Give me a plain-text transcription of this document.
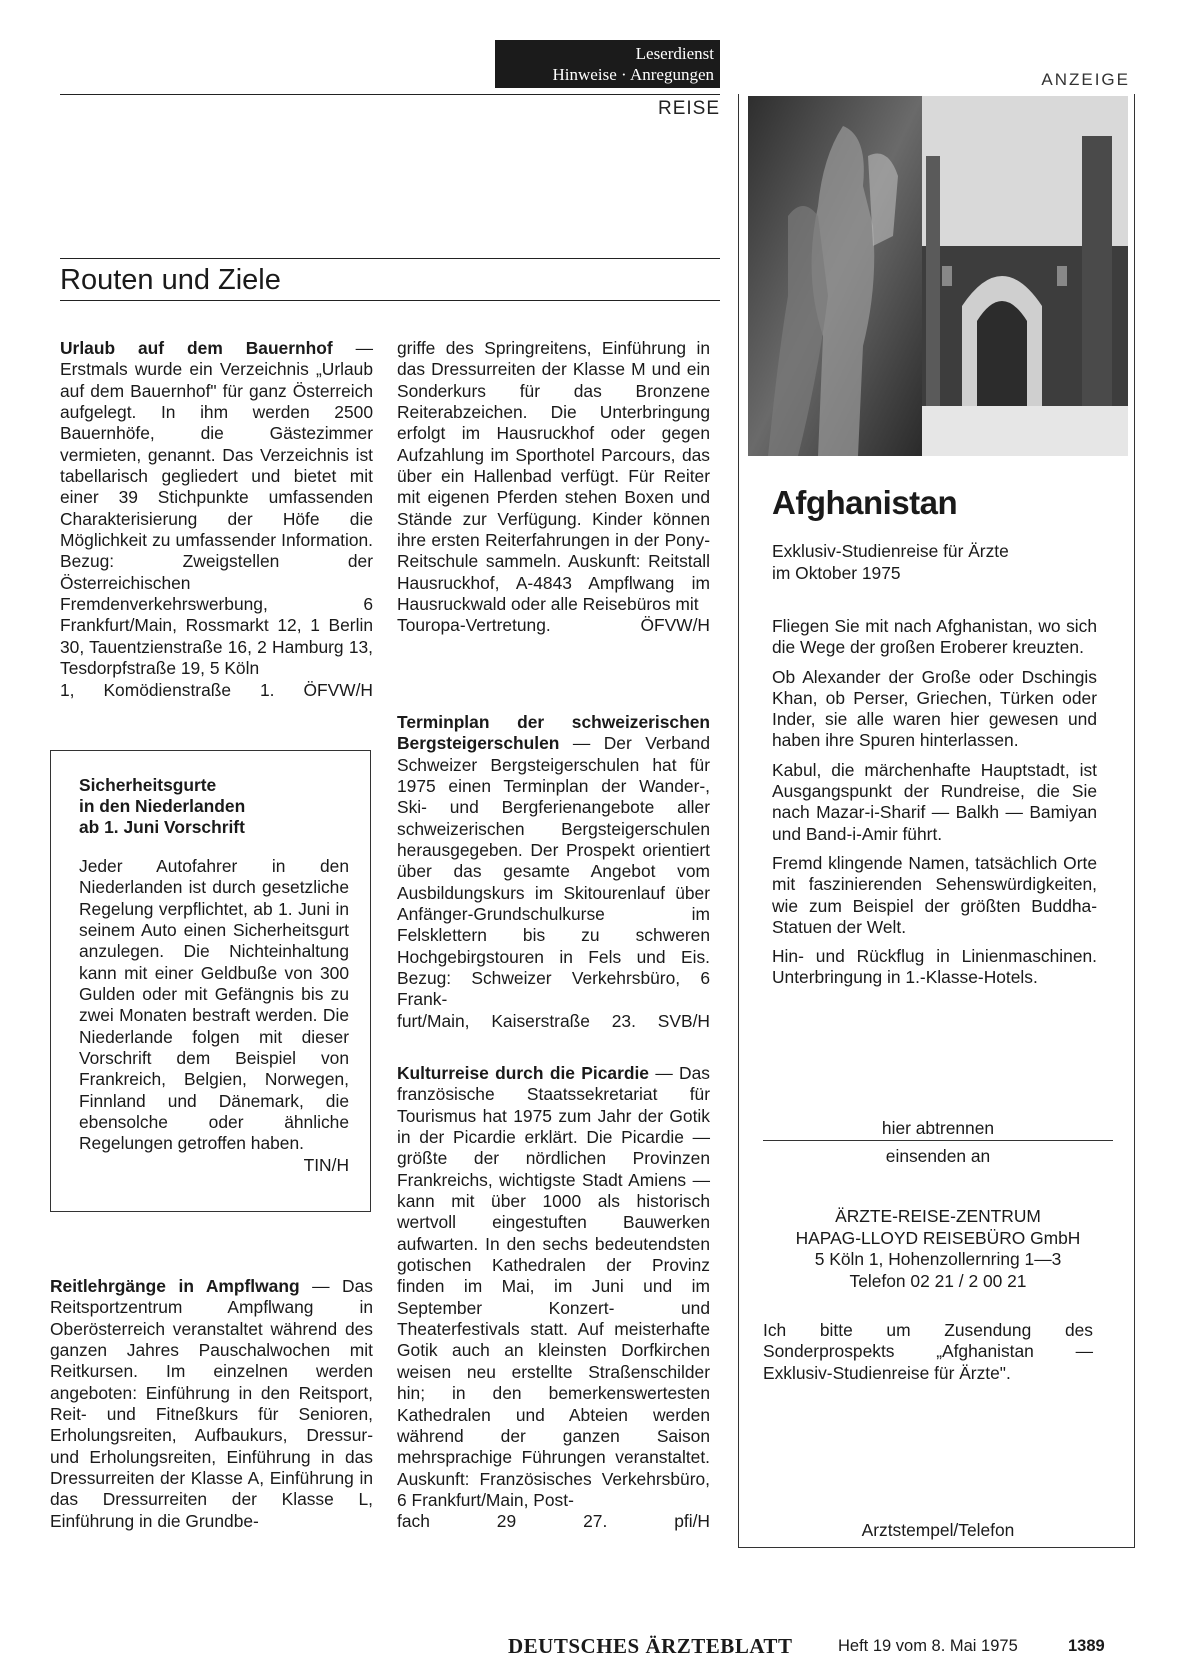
Leserdienst
Hinweise · Anregungen
REISE
ANZEIGE
Routen und Ziele

Urlaub auf dem Bauernhof — Erstmals wurde ein Verzeichnis „Urlaub auf dem Bauernhof" für ganz Österreich aufgelegt. In ihm werden 2500 Bauernhöfe, die Gästezimmer vermieten, genannt. Das Verzeichnis ist tabellarisch gegliedert und bietet mit einer 39 Stichpunkte umfassenden Charakterisierung der Höfe die Möglichkeit zu umfassender Information. Bezug: Zweigstellen der Österreichischen Fremdenverkehrswerbung, 6 Frankfurt/Main, Rossmarkt 12, 1 Berlin 30, Tauentzienstraße 16, 2 Hamburg 13, Tesdorpfstraße 19, 5 Köln

1, Komödienstraße 1. ÖFVW/H

Sicherheitsgurte
in den Niederlanden
ab 1. Juni Vorschrift

Jeder Autofahrer in den Niederlanden ist durch gesetzliche Regelung verpflichtet, ab 1. Juni in seinem Auto einen Sicherheitsgurt anzulegen. Die Nichteinhaltung kann mit einer Geldbuße von 300 Gulden oder mit Gefängnis bis zu zwei Monaten bestraft werden. Die Niederlande folgen mit dieser Vorschrift dem Beispiel von Frankreich, Belgien, Norwegen, Finnland und Dänemark, die ebensolche oder ähnliche Regelungen getroffen haben.

TIN/H

Reitlehrgänge in Ampflwang — Das Reitsportzentrum Ampflwang in Oberösterreich veranstaltet während des ganzen Jahres Pauschalwochen mit Reitkursen. Im einzelnen werden angeboten: Einführung in den Reitsport, Reit- und Fitneßkurs für Senioren, Erholungsreiten, Aufbaukurs, Dressur- und Erholungsreiten, Einführung in das Dressurreiten der Klasse A, Einführung in das Dressurreiten der Klasse L, Einführung in die Grundbe-

griffe des Springreitens, Einführung in das Dressurreiten der Klasse M und ein Sonderkurs für das Bronzene Reiterabzeichen. Die Unterbringung erfolgt im Hausruckhof oder gegen Aufzahlung im Sporthotel Parcours, das über ein Hallenbad verfügt. Für Reiter mit eigenen Pferden stehen Boxen und Stände zur Verfügung. Kinder können ihre ersten Reiterfahrungen in der Pony-Reitschule sammeln. Auskunft: Reitstall Hausruckhof, A-4843 Ampflwang im Hausruckwald oder alle Reisebüros mit

Touropa-Vertretung.	ÖFVW/H

Terminplan der schweizerischen Bergsteigerschulen — Der Verband Schweizer Bergsteigerschulen hat für 1975 einen Terminplan der Wander-, Ski- und Bergferienangebote aller schweizerischen Bergsteigerschulen herausgegeben. Der Prospekt orientiert über das gesamte Angebot vom Ausbildungskurs im Skitourenlauf über Anfänger-Grundschulkurse im Felsklettern bis zu schweren Hochgebirgstouren in Fels und Eis. Bezug: Schweizer Verkehrsbüro, 6 Frank-

furt/Main, Kaiserstraße 23. SVB/H

Kulturreise durch die Picardie — Das französische Staatssekretariat für Tourismus hat 1975 zum Jahr der Gotik in der Picardie erklärt. Die Picardie — größte der nördlichen Provinzen Frankreichs, wichtigste Stadt Amiens — kann mit über 1000 als historisch wertvoll eingestuften Bauwerken aufwarten. In den sechs bedeutendsten gotischen Kathedralen der Provinz finden im Mai, im Juni und im September Konzert- und Theaterfestivals statt. Auf meisterhafte Gotik auch an kleinsten Dorfkirchen weisen neu erstellte Straßenschilder hin; in den bemerkenswertesten Kathedralen und Abteien werden während der ganzen Saison mehrsprachige Führungen veranstaltet. Auskunft: Französisches Verkehrsbüro, 6 Frankfurt/Main, Post-

fach 29 27.	pfi/H

Afghanistan
Exklusiv-Studienreise für Ärzte
im Oktober 1975

Fliegen Sie mit nach Afghanistan, wo sich die Wege der großen Eroberer kreuzten.

Ob Alexander der Große oder Dschingis Khan, ob Perser, Griechen, Türken oder Inder, sie alle waren hier gewesen und haben ihre Spuren hinterlassen.

Kabul, die märchenhafte Hauptstadt, ist Ausgangspunkt der Rundreise, die Sie nach Mazar-i-Sharif — Balkh — Bamiyan und Band-i-Amir führt.

Fremd klingende Namen, tatsächlich Orte mit faszinierenden Sehenswürdigkeiten, wie zum Beispiel der größten Buddha-Statuen der Welt.

Hin- und Rückflug in Linienmaschinen. Unterbringung in 1.-Klasse-Hotels.

hier abtrennen
einsenden an
ÄRZTE-REISE-ZENTRUM
HAPAG-LLOYD REISEBÜRO GmbH
5 Köln 1, Hohenzollernring 1—3
Telefon 02 21 / 2 00 21
Ich bitte um Zusendung des Sonderprospekts „Afghanistan — Exklusiv-Studienreise für Ärzte".
Arztstempel/Telefon
DEUTSCHES ÄRZTEBLATT	Heft 19 vom 8. Mai 1975	1389
